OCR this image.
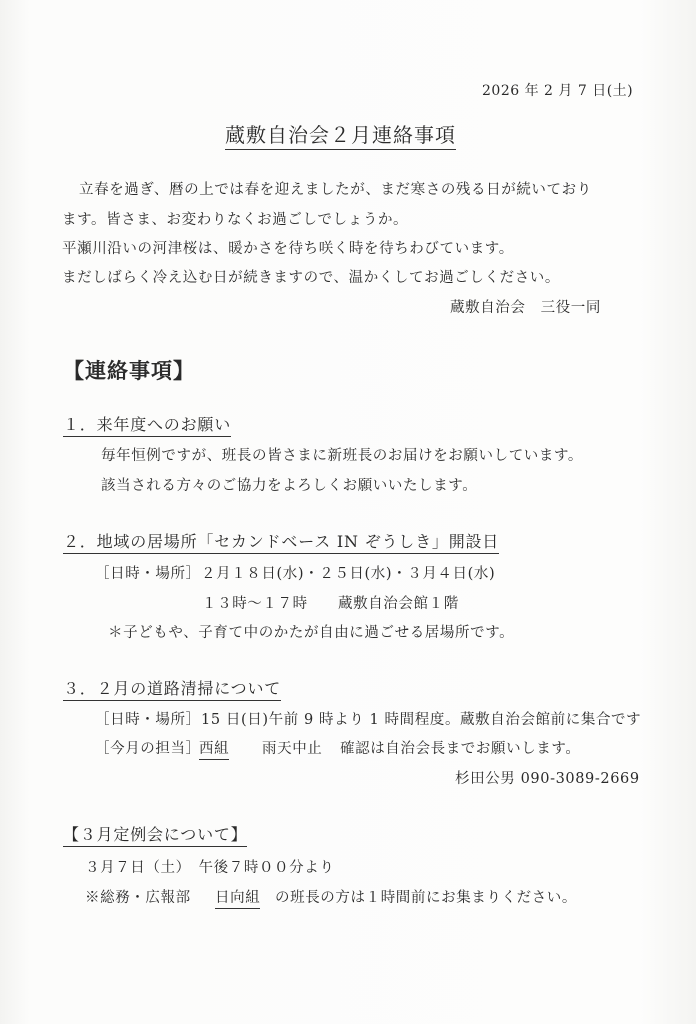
2026 年 2 月 7 日(土)
蔵敷自治会２月連絡事項
立春を過ぎ、暦の上では春を迎えましたが、まだ寒さの残る日が続いており
ます。皆さま、お変わりなくお過ごしでしょうか。
平瀬川沿いの河津桜は、暖かさを待ち咲く時を待ちわびています。
まだしばらく冷え込む日が続きますので、温かくしてお過ごしください。
蔵敷自治会　三役一同
【連絡事項】
１．来年度へのお願い
毎年恒例ですが、班長の皆さまに新班長のお届けをお願いしています。
該当される方々のご協力をよろしくお願いいたします。
２．地域の居場所「セカンドベース IN ぞうしき」開設日
［日時・場所］ ２月１８日(水)・２５日(水)・３月４日(水)
１３時～１７時 蔵敷自治会館１階
＊子どもや、子育て中のかたが自由に過ごせる居場所です。
３．２月の道路清掃について
［日時・場所］ 15 日(日)午前 9 時より 1 時間程度。蔵敷自治会館前に集合です
［今月の担当］
西組 雨天中止 確認は自治会長までお願いします。
杉田公男 090-3089-2669
【３月定例会について】
３月７日（土）　午後７時００分より
※総務・広報部 日向組 の班長の方は１時間前にお集まりください。
